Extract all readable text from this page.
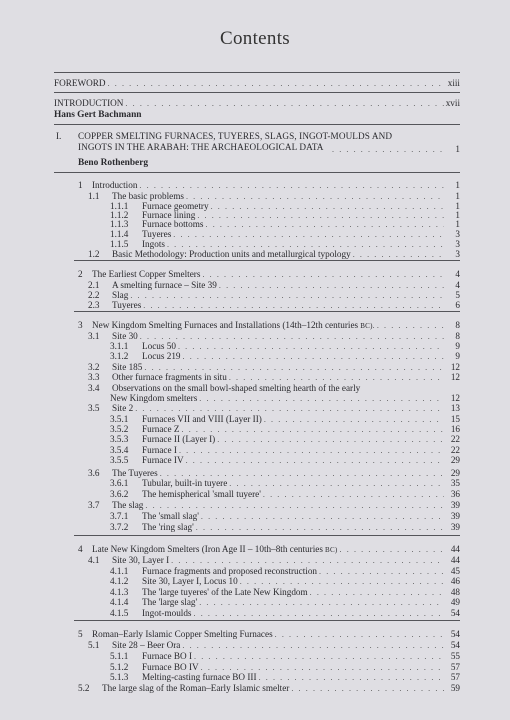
Contents
FOREWORD . . .	xiii
INTRODUCTION . . .	xvii
Hans Gert Bachmann
I. COPPER SMELTING FURNACES, TUYERES, SLAGS, INGOT-MOULDS AND
INGOTS IN THE ARABAH: THE ARCHAEOLOGICAL DATA . . .	1
Beno Rothenberg
1	Introduction . . .	1
1.1	The basic problems . . .	1
1.1.1	Furnace geometry . . .	1
1.1.2	Furnace lining . . .	1
1.1.3	Furnace bottoms . . .	1
1.1.4	Tuyeres . . .	3
1.1.5	Ingots . . .	3
1.2	Basic Methodology: Production units and metallurgical typology . . .	3
2	The Earliest Copper Smelters . . .	4
2.1	A smelting furnace – Site 39 . . .	4
2.2	Slag . . .	5
2.3	Tuyeres . . .	6
3	New Kingdom Smelting Furnaces and Installations (14th–12th centuries BC). . . .	8
3.1	Site 30 . . .	8
3.1.1	Locus 50 . . .	9
3.1.2	Locus 219 . . .	9
3.2	Site 185 . . .	12
3.3	Other furnace fragments in situ . . .	12
3.4	Observations on the small bowl-shaped smelting hearth of the early
New Kingdom smelters . . .	12
3.5	Site 2 . . .	13
3.5.1	Furnaces VII and VIII (Layer II) . . .	15
3.5.2	Furnace Z . . .	16
3.5.3	Furnace II (Layer I) . . .	22
3.5.4	Furnace I . . .	22
3.5.5	Furnace IV . . .	29
3.6	The Tuyeres . . .	29
3.6.1	Tubular, built-in tuyere . . .	35
3.6.2	The hemispherical 'small tuyere' . . .	36
3.7	The slag . . .	39
3.7.1	The 'small slag' . . .	39
3.7.2	The 'ring slag' . . .	39
4	Late New Kingdom Smelters (Iron Age II – 10th–8th centuries BC) . . .	44
4.1	Site 30, Layer I . . .	44
4.1.1	Furnace fragments and proposed reconstruction . . .	45
4.1.2	Site 30, Layer I, Locus 10 . . .	46
4.1.3	The 'large tuyeres' of the Late New Kingdom . . .	48
4.1.4	The 'large slag' . . .	49
4.1.5	Ingot-moulds . . .	54
5	Roman–Early Islamic Copper Smelting Furnaces . . .	54
5.1	Site 28 – Beer Ora . . .	54
5.1.1	Furnace BO I . . .	55
5.1.2	Furnace BO IV . . .	57
5.1.3	Melting-casting furnace BO III . . .	57
5.2	The large slag of the Roman–Early Islamic smelter . . .	59
